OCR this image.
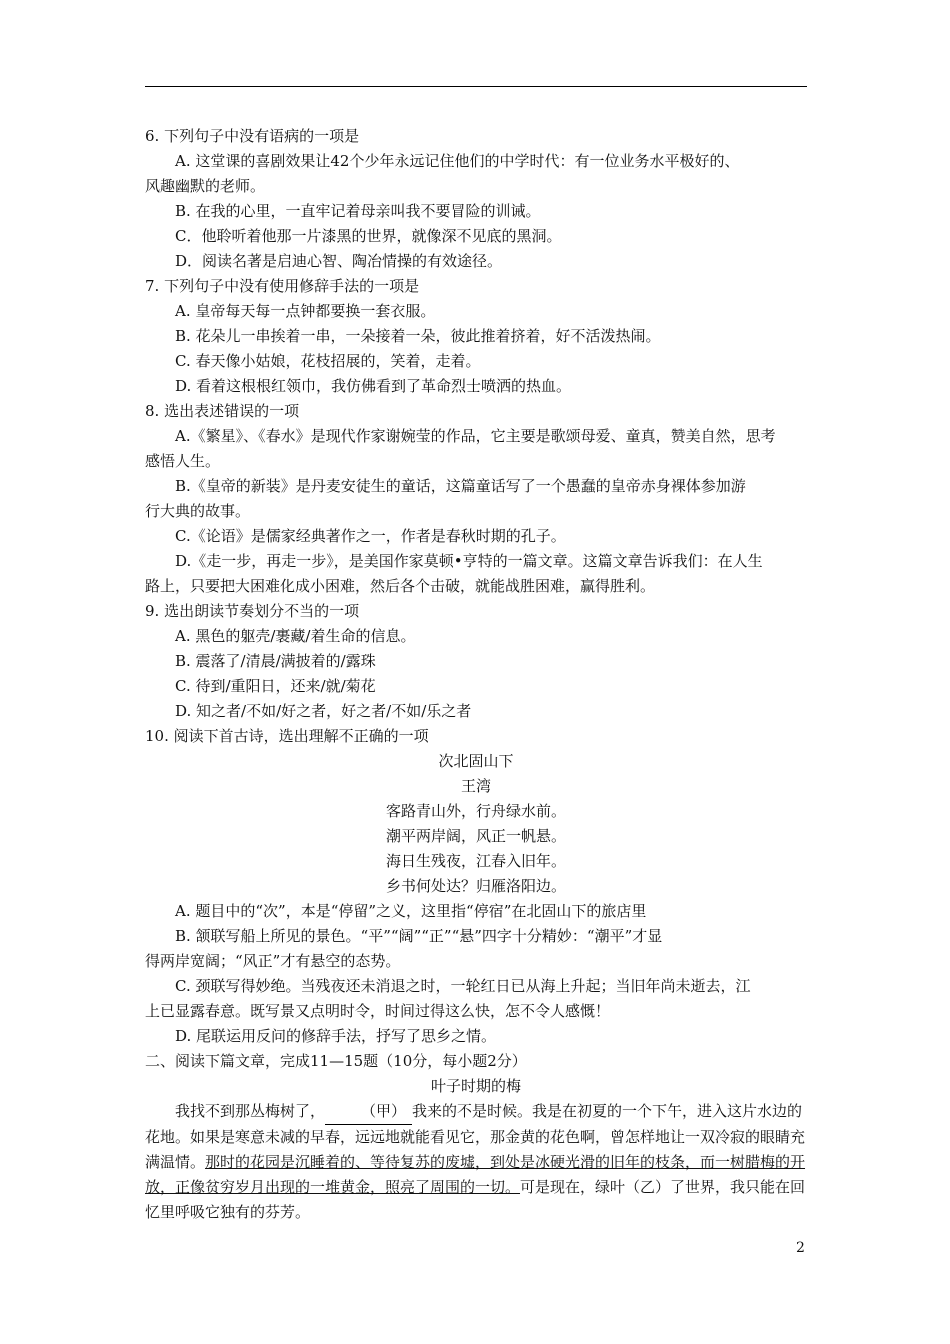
6. 下列句子中没有语病的一项是
A. 这堂课的喜剧效果让42个少年永远记住他们的中学时代：有一位业务水平极好的、
风趣幽默的老师。
B. 在我的心里，一直牢记着母亲叫我不要冒险的训诫。
C．他聆听着他那一片漆黑的世界，就像深不见底的黑洞。
D．阅读名著是启迪心智、陶冶情操的有效途径。
7. 下列句子中没有使用修辞手法的一项是
A. 皇帝每天每一点钟都要换一套衣服。
B. 花朵儿一串挨着一串，一朵接着一朵，彼此推着挤着，好不活泼热闹。
C. 春天像小姑娘，花枝招展的，笑着，走着。
D. 看着这根根红领巾，我仿佛看到了革命烈士喷洒的热血。
8. 选出表述错误的一项
A.《繁星》、《春水》是现代作家谢婉莹的作品，它主要是歌颂母爱、童真，赞美自然，思考
感悟人生。
B.《皇帝的新装》是丹麦安徒生的童话，这篇童话写了一个愚蠢的皇帝赤身裸体参加游
行大典的故事。
C.《论语》是儒家经典著作之一，作者是春秋时期的孔子。
D.《走一步，再走一步》，是美国作家莫顿•亨特的一篇文章。这篇文章告诉我们：在人生
路上，只要把大困难化成小困难，然后各个击破，就能战胜困难，赢得胜利。
9. 选出朗读节奏划分不当的一项
A. 黑色的躯壳/裹藏/着生命的信息。
B. 震落了/清晨/满披着的/露珠
C. 待到/重阳日，还来/就/菊花
D. 知之者/不如/好之者，好之者/不如/乐之者
10. 阅读下首古诗，选出理解不正确的一项
次北固山下
王湾
客路青山外，行舟绿水前。
潮平两岸阔，风正一帆悬。
海日生残夜，江春入旧年。
乡书何处达？归雁洛阳边。
A. 题目中的“次”，本是“停留”之义，这里指“停宿”在北固山下的旅店里
B. 颔联写船上所见的景色。“平”“阔”“正”“悬”四字十分精妙：“潮平”才显
得两岸宽阔；“风正”才有悬空的态势。
C. 颈联写得妙绝。当残夜还未消退之时，一轮红日已从海上升起；当旧年尚未逝去，江
上已显露春意。既写景又点明时令，时间过得这么快，怎不令人感慨！
D. 尾联运用反问的修辞手法，抒写了思乡之情。
二、阅读下篇文章，完成11—15题（10分，每小题2分）
叶子时期的梅
我找不到那丛梅树了， （甲） 我来的不是时候。我是在初夏的一个下午，进入这片水边的花地。如果是寒意未减的早春，远远地就能看见它，那金黄的花色啊，曾怎样地让一双冷寂的眼睛充满温情。那时的花园是沉睡着的、等待复苏的废墟，到处是冰硬光滑的旧年的枝条，而一树腊梅的开放，正像贫穷岁月出现的一堆黄金，照亮了周围的一切。可是现在，绿叶（乙）了世界，我只能在回忆里呼吸它独有的芬芳。
2
